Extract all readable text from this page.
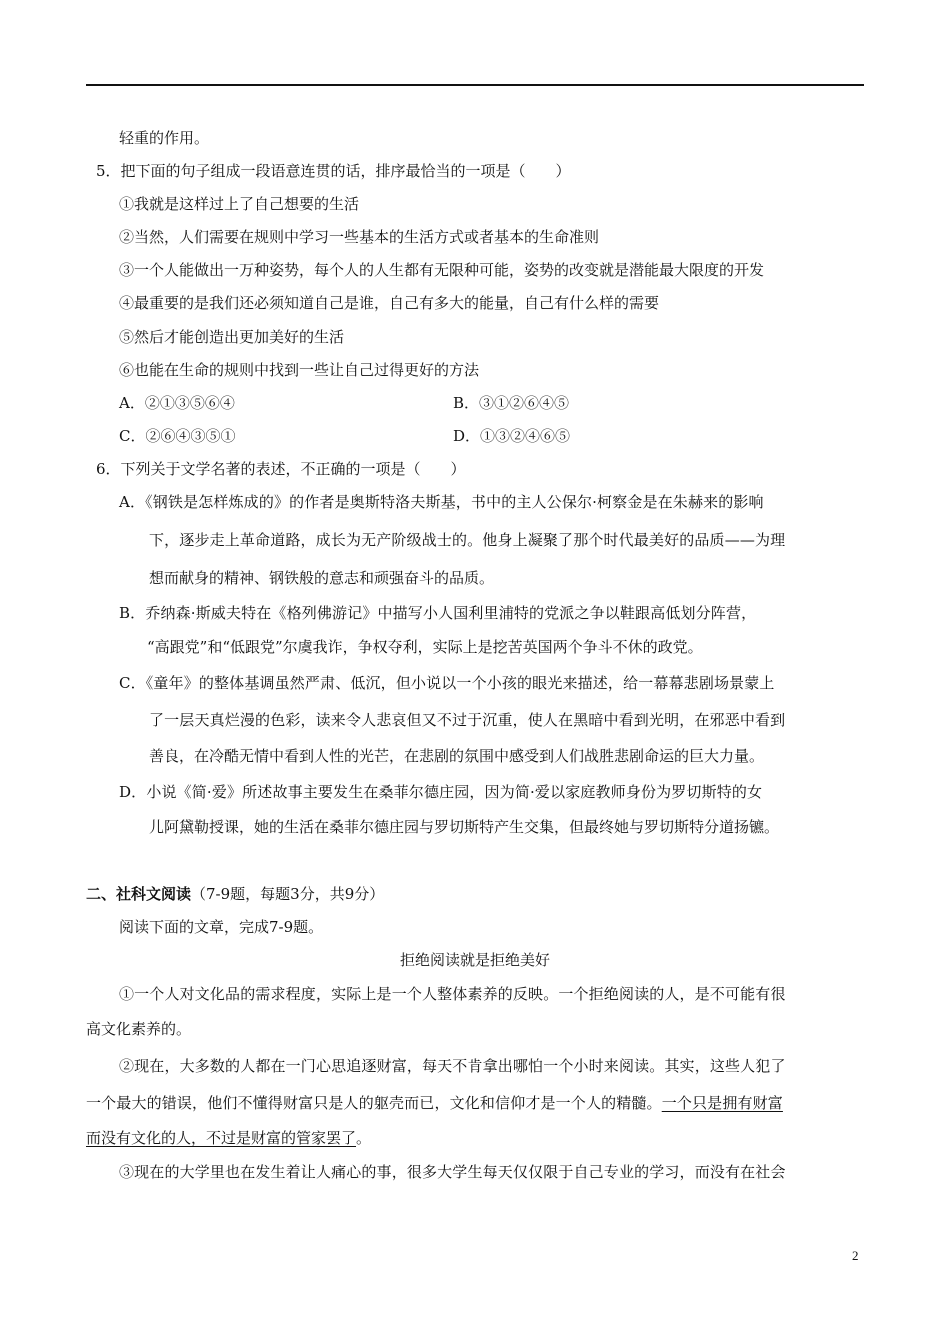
轻重的作用。
5．把下面的句子组成一段语意连贯的话，排序最恰当的一项是（　　）
①我就是这样过上了自己想要的生活
②当然，人们需要在规则中学习一些基本的生活方式或者基本的生命准则
③一个人能做出一万种姿势，每个人的人生都有无限种可能，姿势的改变就是潜能最大限度的开发
④最重要的是我们还必须知道自己是谁，自己有多大的能量，自己有什么样的需要
⑤然后才能创造出更加美好的生活
⑥也能在生命的规则中找到一些让自己过得更好的方法
A．②①③⑤⑥④	B．③①②⑥④⑤
C．②⑥④③⑤①	D．①③②④⑥⑤
6．下列关于文学名著的表述，不正确的一项是（　　）
A．《钢铁是怎样炼成的》的作者是奥斯特洛夫斯基，书中的主人公保尔·柯察金是在朱赫来的影响
下，逐步走上革命道路，成长为无产阶级战士的。他身上凝聚了那个时代最美好的品质——为理
想而献身的精神、钢铁般的意志和顽强奋斗的品质。
B．乔纳森·斯威夫特在《格列佛游记》中描写小人国利里浦特的党派之争以鞋跟高低划分阵营，
“高跟党”和“低跟党”尔虞我诈，争权夺利，实际上是挖苦英国两个争斗不休的政党。
C．《童年》的整体基调虽然严肃、低沉，但小说以一个小孩的眼光来描述，给一幕幕悲剧场景蒙上
了一层天真烂漫的色彩，读来令人悲哀但又不过于沉重，使人在黑暗中看到光明，在邪恶中看到
善良，在冷酷无情中看到人性的光芒，在悲剧的氛围中感受到人们战胜悲剧命运的巨大力量。
D．小说《简·爱》所述故事主要发生在桑菲尔德庄园，因为简·爱以家庭教师身份为罗切斯特的女
儿阿黛勒授课，她的生活在桑菲尔德庄园与罗切斯特产生交集，但最终她与罗切斯特分道扬镳。
二、社科文阅读（7-9题，每题3分，共9分）
阅读下面的文章，完成7-9题。
拒绝阅读就是拒绝美好
①一个人对文化品的需求程度，实际上是一个人整体素养的反映。一个拒绝阅读的人，是不可能有很
高文化素养的。
②现在，大多数的人都在一门心思追逐财富，每天不肯拿出哪怕一个小时来阅读。其实，这些人犯了
一个最大的错误，他们不懂得财富只是人的躯壳而已，文化和信仰才是一个人的精髓。一个只是拥有财富
而没有文化的人，不过是财富的管家罢了。
③现在的大学里也在发生着让人痛心的事，很多大学生每天仅仅限于自己专业的学习，而没有在社会
2
